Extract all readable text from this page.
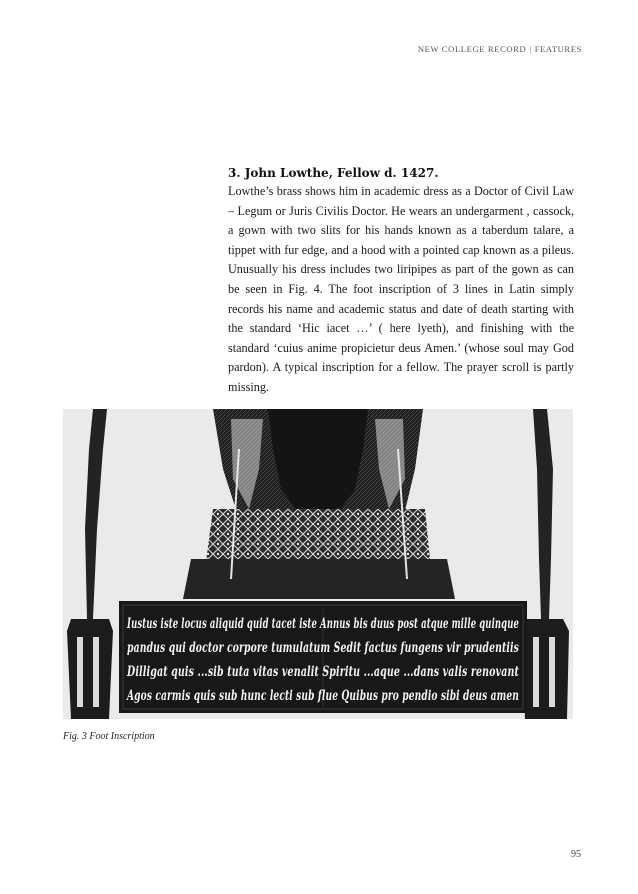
NEW COLLEGE RECORD | FEATURES
3. John Lowthe, Fellow d. 1427.

Lowthe’s brass shows him in academic dress as a Doctor of Civil Law – Legum or Juris Civilis Doctor. He wears an undergarment , cassock, a gown with two slits for his hands known as a taberdum talare, a tippet with fur edge, and a hood with a pointed cap known as a pileus. Unusually his dress includes two liripipes as part of the gown as can be seen in Fig. 4. The foot inscription of 3 lines in Latin simply records his name and academic status and date of death starting with the standard ‘Hic iacet …’ ( here lyeth), and finishing with the standard ‘cuius anime propicietur deus Amen.’ (whose soul may God pardon). A typical inscription for a fellow. The prayer scroll is partly missing.

Iustus iste locus aliquid quid tacet iste Annus bis duus post atque mille quinque
pandus qui doctor corpore tumulatum Sedit factus fungens vir prudentiis
Dilligat quis ...sib tuta vitas venalit Spiritu ...aque ...dans valis renovant
Agos carmis quis sub hunc lecti sub flue Quibus pro pendio sibi deus amen
Fig. 3 Foot Inscription
95
